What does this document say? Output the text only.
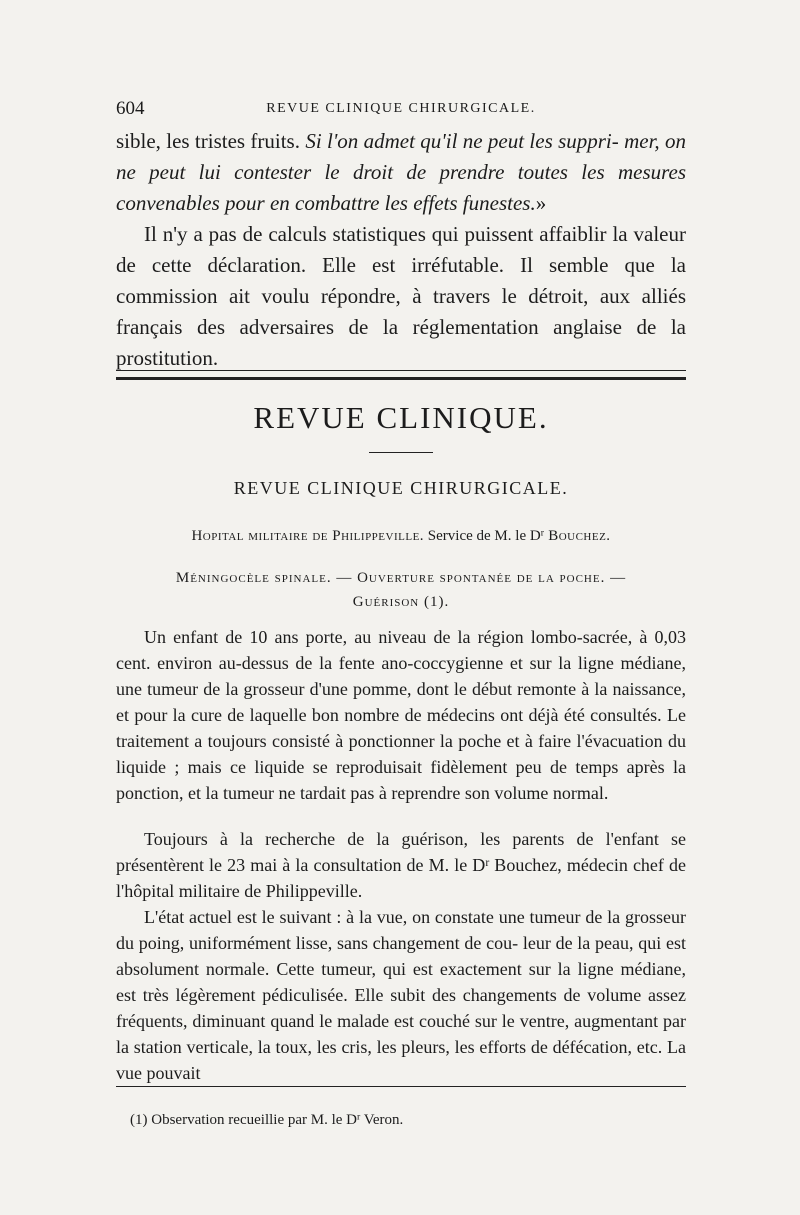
604	REVUE CLINIQUE CHIRURGICALE.

sible, les tristes fruits. Si l'on admet qu'il ne peut les suppri- mer, on ne peut lui contester le droit de prendre toutes les mesures convenables pour en combattre les effets funestes.»

Il n'y a pas de calculs statistiques qui puissent affaiblir la valeur de cette déclaration. Elle est irréfutable. Il semble que la commission ait voulu répondre, à travers le détroit, aux alliés français des adversaires de la réglementation anglaise de la prostitution.

REVUE CLINIQUE.
REVUE CLINIQUE CHIRURGICALE.

Hopital militaire de Philippeville. Service de M. le $D^r$ Bouchez.

Méningocèle spinale. — Ouverture spontanée de la poche. —
Guérison (1).

Un enfant de 10 ans porte, au niveau de la région lombo-sacrée, à 0,03 cent. environ au-dessus de la fente ano-coccygienne et sur la ligne médiane, une tumeur de la grosseur d'une pomme, dont le début remonte à la naissance, et pour la cure de laquelle bon nombre de médecins ont déjà été consultés. Le traitement a toujours consisté à ponctionner la poche et à faire l'évacuation du liquide ; mais ce liquide se reproduisait fidèlement peu de temps après la ponction, et la tumeur ne tardait pas à reprendre son volume normal.

Toujours à la recherche de la guérison, les parents de l'enfant se présentèrent le 23 mai à la consultation de M. le $D^r$ Bouchez, médecin chef de l'hôpital militaire de Philippeville.

L'état actuel est le suivant : à la vue, on constate une tumeur de la grosseur du poing, uniformément lisse, sans changement de cou- leur de la peau, qui est absolument normale. Cette tumeur, qui est exactement sur la ligne médiane, est très légèrement pédiculisée. Elle subit des changements de volume assez fréquents, diminuant quand le malade est couché sur le ventre, augmentant par la station verticale, la toux, les cris, les pleurs, les efforts de défécation, etc. La vue pouvait

(1) Observation recueillie par M. le $D^r$ Veron.
